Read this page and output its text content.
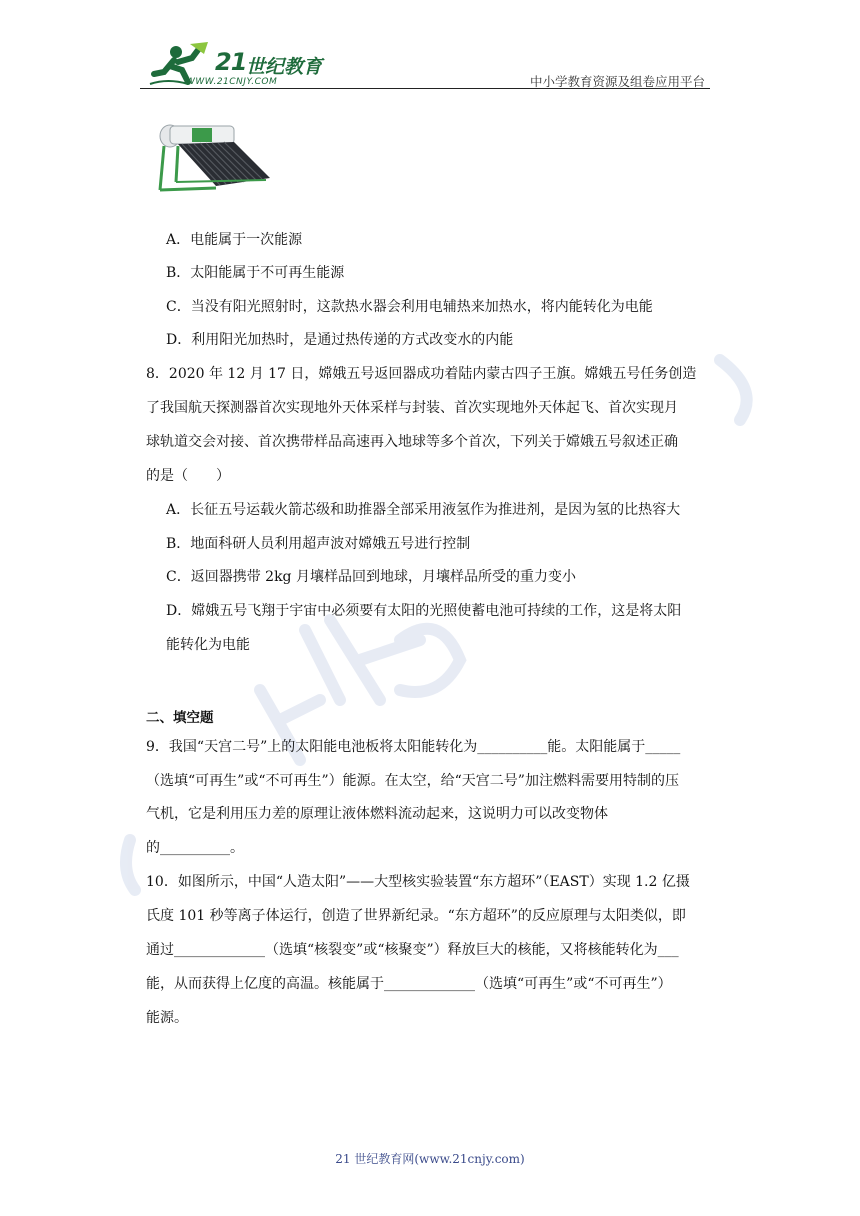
21 世纪教育
WWW.21CNJY.COM	中小学教育资源及组卷应用平台
A．电能属于一次能源
B．太阳能属于不可再生能源
C．当没有阳光照射时，这款热水器会利用电辅热来加热水，将内能转化为电能
D．利用阳光加热时，是通过热传递的方式改变水的内能
8．2020 年 12 月 17 日，嫦娥五号返回器成功着陆内蒙古四子王旗。嫦娥五号任务创造
了我国航天探测器首次实现地外天体采样与封装、首次实现地外天体起飞、首次实现月
球轨道交会对接、首次携带样品高速再入地球等多个首次，下列关于嫦娥五号叙述正确
的是（　　）
A．长征五号运载火箭芯级和助推器全部采用液氢作为推进剂，是因为氢的比热容大
B．地面科研人员利用超声波对嫦娥五号进行控制
C．返回器携带 2kg 月壤样品回到地球，月壤样品所受的重力变小
D．嫦娥五号飞翔于宇宙中必须要有太阳的光照使蓄电池可持续的工作，这是将太阳
能转化为电能
二、填空题
9．我国“天宫二号”上的太阳能电池板将太阳能转化为__________能。太阳能属于_____
（选填“可再生”或“不可再生”）能源。在太空，给“天宫二号”加注燃料需要用特制的压
气机，它是利用压力差的原理让液体燃料流动起来，这说明力可以改变物体
的__________。
10．如图所示，中国“人造太阳”——大型核实验装置“东方超环”（EAST）实现 1.2 亿摄
氏度 101 秒等离子体运行，创造了世界新纪录。“东方超环”的反应原理与太阳类似，即
通过_____________（选填“核裂变”或“核聚变”）释放巨大的核能，又将核能转化为___
能，从而获得上亿度的高温。核能属于_____________（选填“可再生”或“不可再生”）
能源。
21 世纪教育网(www.21cnjy.com)
